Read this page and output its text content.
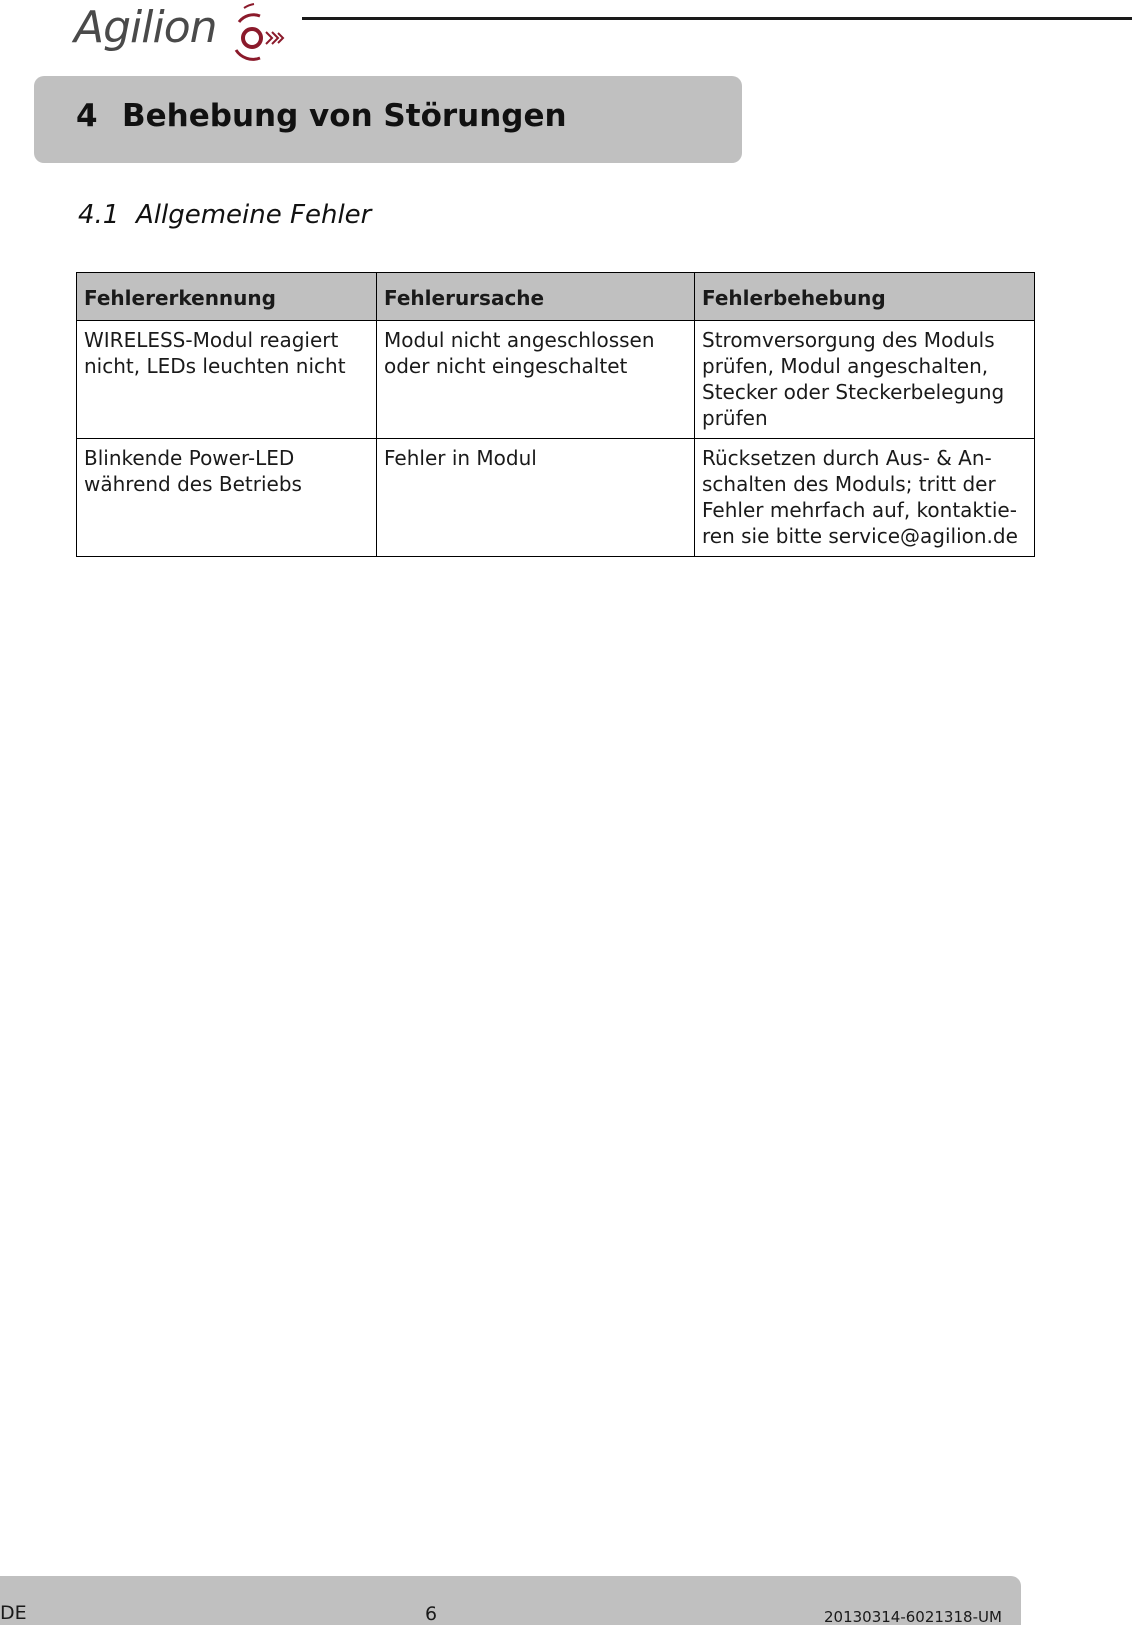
Agilion
4 Behebung von Störungen
4.1 Allgemeine Fehler
Fehlererkennung	Fehlerursache	Fehlerbehebung
WIRELESS-Modul reagiert nicht, LEDs leuchten nicht	Modul nicht angeschlossen oder nicht eingeschaltet	Stromversorgung des Moduls prüfen, Modul angeschalten, Stecker oder Steckerbelegung prüfen
Blinkende Power-LED während des Betriebs	Fehler in Modul	Rücksetzen durch Aus- & An-schalten des Moduls; tritt der Fehler mehrfach auf, kontaktie-ren sie bitte service@agilion.de
DE	6	20130314-6021318-UM
